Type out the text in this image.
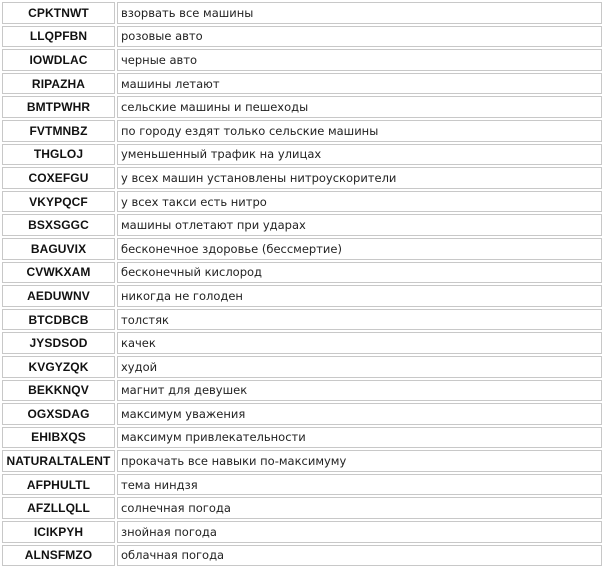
CPKTNWT	взорвать все машины
LLQPFBN	розовые авто
IOWDLAC	черные авто
RIPAZHA	машины летают
BMTPWHR	сельские машины и пешеходы
FVTMNBZ	по городу ездят только сельские машины
THGLOJ	уменьшенный трафик на улицах
COXEFGU	у всех машин установлены нитроускорители
VKYPQCF	у всех такси есть нитро
BSXSGGC	машины отлетают при ударах
BAGUVIX	бесконечное здоровье (бессмертие)
CVWKXAM	бесконечный кислород
AEDUWNV	никогда не голоден
BTCDBCB	толстяк
JYSDSOD	качек
KVGYZQK	худой
BEKKNQV	магнит для девушек
OGXSDAG	максимум уважения
EHIBXQS	максимум привлекательности
NATURALTALENT	прокачать все навыки по-максимуму
AFPHULTL	тема ниндзя
AFZLLQLL	солнечная погода
ICIKPYH	знойная погода
ALNSFMZO	облачная погода
